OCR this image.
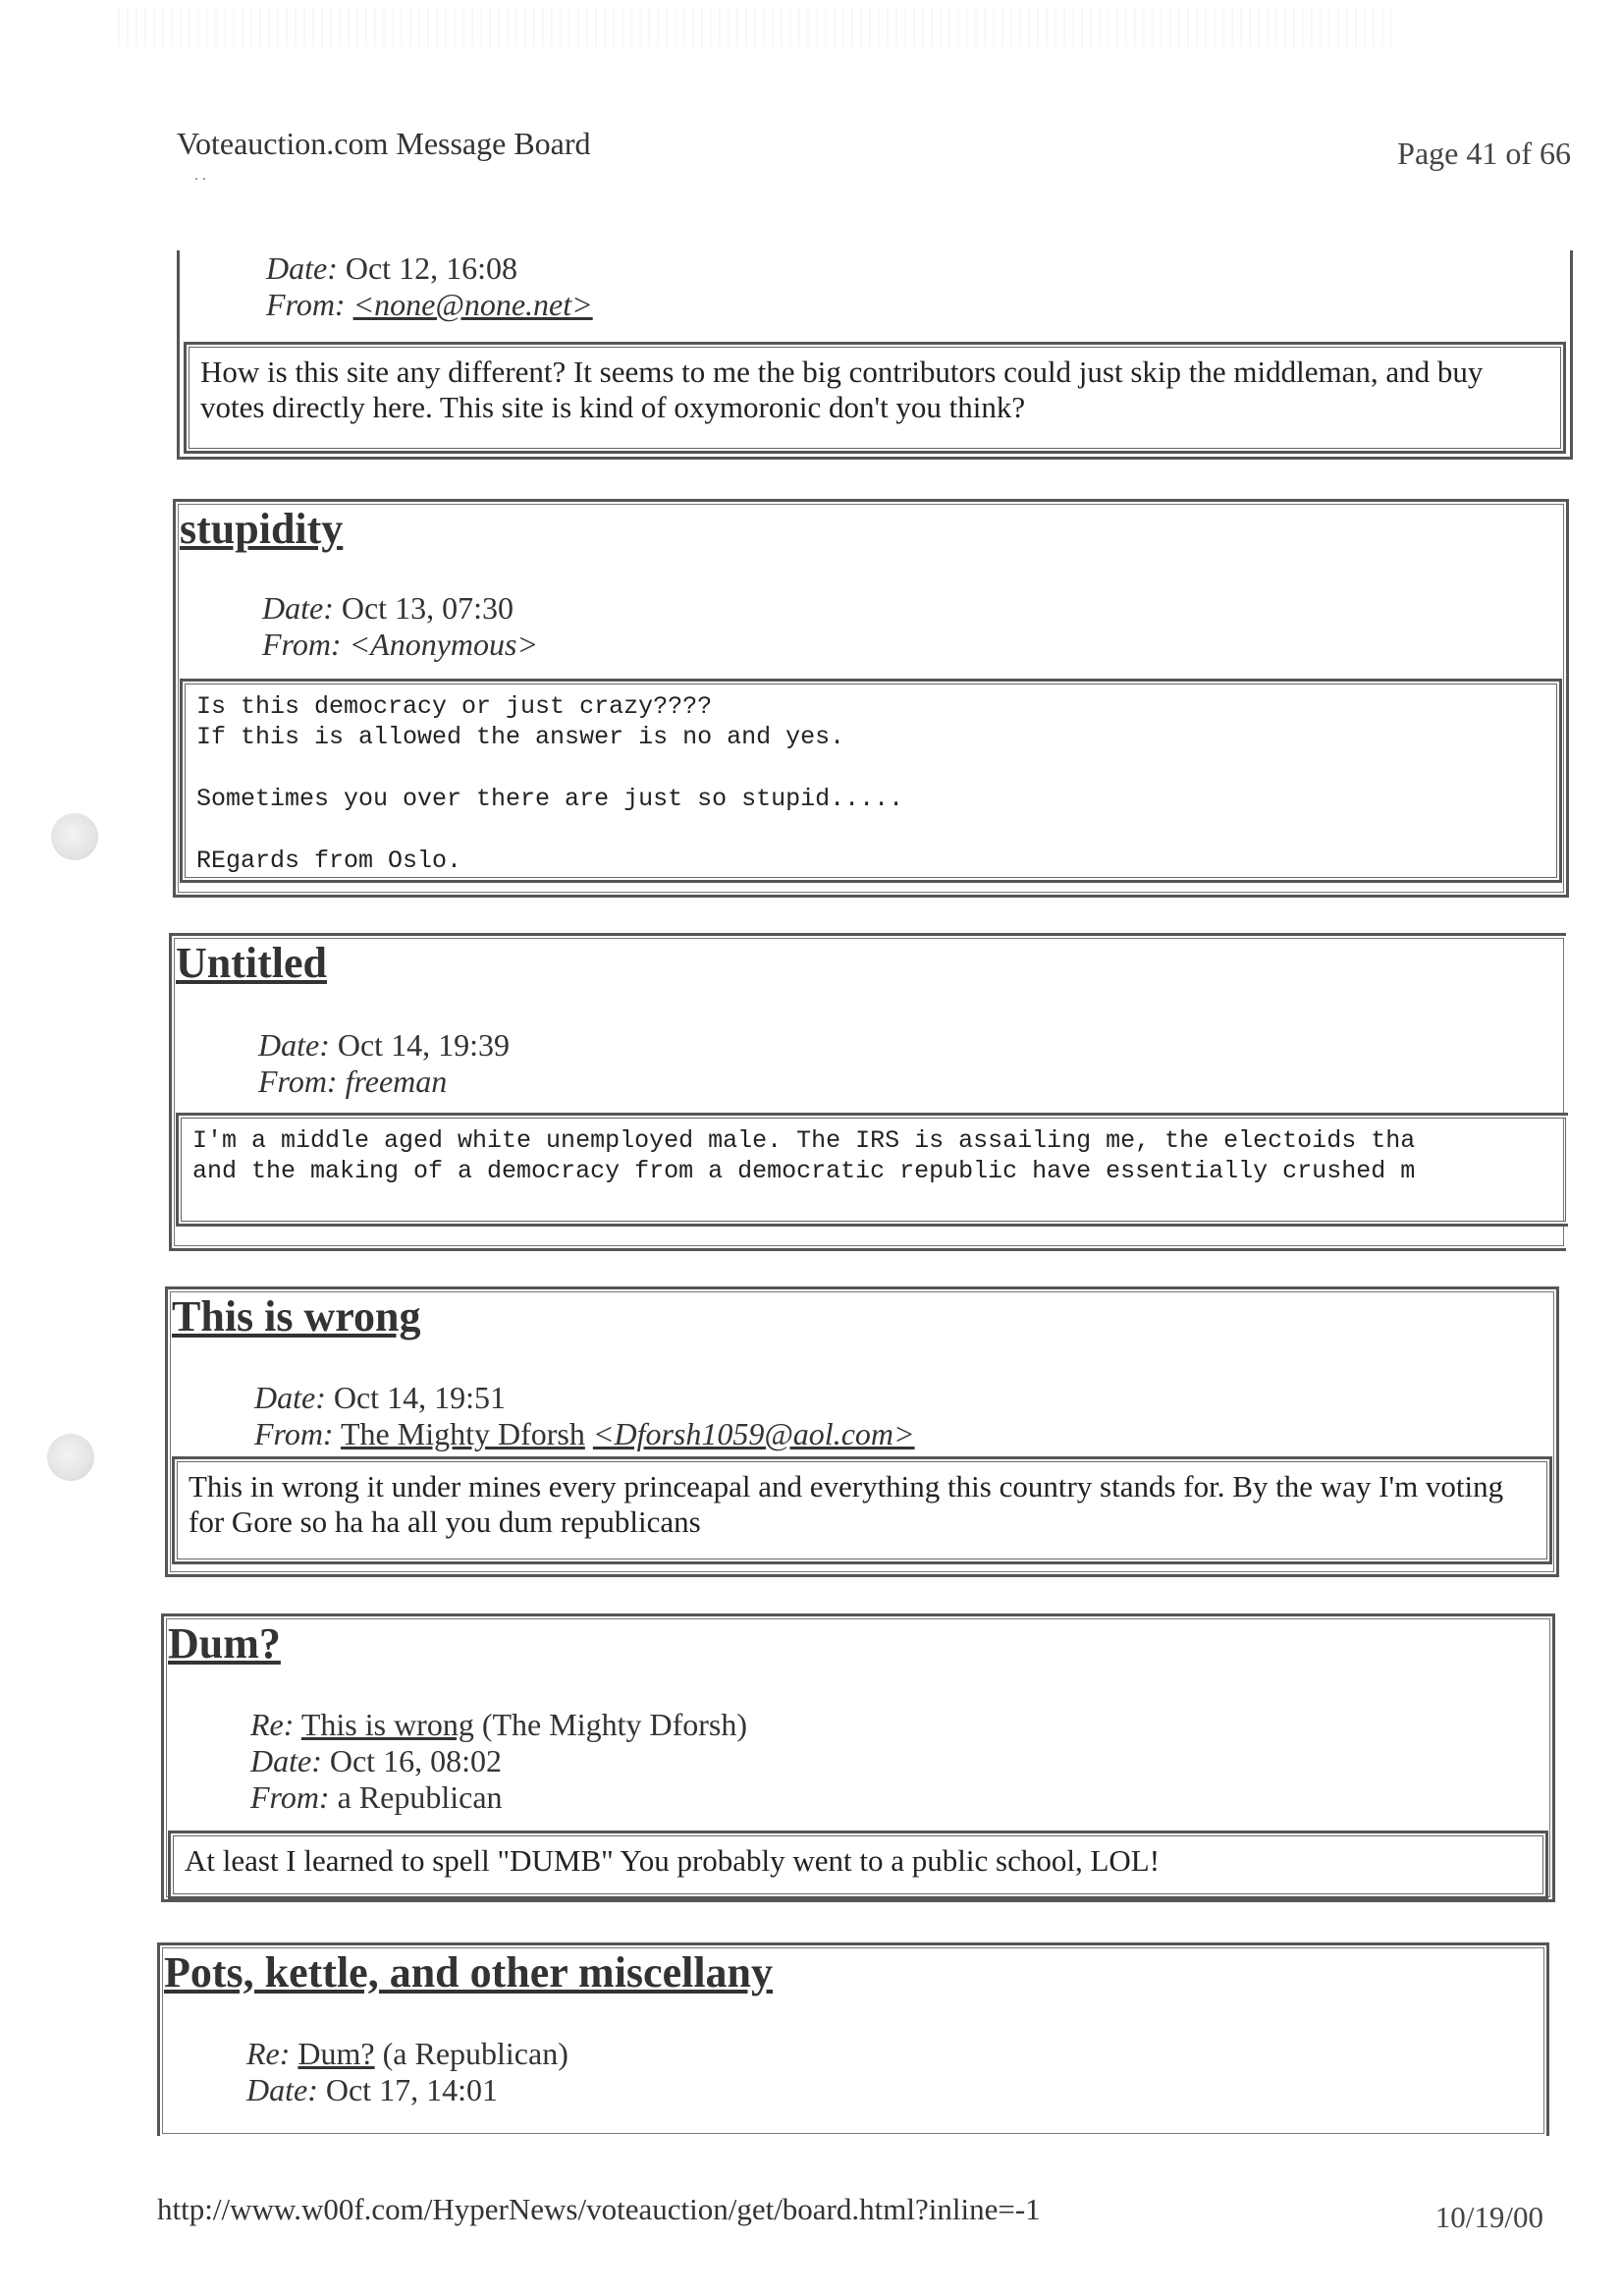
Voteauction.com Message Board	Page 41 of 66
..
Date: Oct 12, 16:08
From: <none@none.net>
How is this site any different? It seems to me the big contributors could just skip the middleman, and buy votes directly here. This site is kind of oxymoronic don't you think?
stupidity
Date: Oct 13, 07:30
From: <Anonymous>
Is this democracy or just crazy????
If this is allowed the answer is no and yes.
Sometimes you over there are just so stupid.....
REgards from Oslo.
Untitled
Date: Oct 14, 19:39
From: freeman
I'm a middle aged white unemployed male. The IRS is assailing me, the electoids tha
and the making of a democracy from a democratic republic have essentially crushed m
This is wrong
Date: Oct 14, 19:51
From: The Mighty Dforsh <Dforsh1059@aol.com>
This in wrong it under mines every princeapal and everything this country stands for. By the way I'm voting for Gore so ha ha all you dum republicans
Dum?
Re: This is wrong (The Mighty Dforsh)
Date: Oct 16, 08:02
From: a Republican
At least I learned to spell "DUMB" You probably went to a public school, LOL!
Pots, kettle, and other miscellany
Re: Dum? (a Republican)
Date: Oct 17, 14:01
http://www.w00f.com/HyperNews/voteauction/get/board.html?inline=-1	10/19/00
